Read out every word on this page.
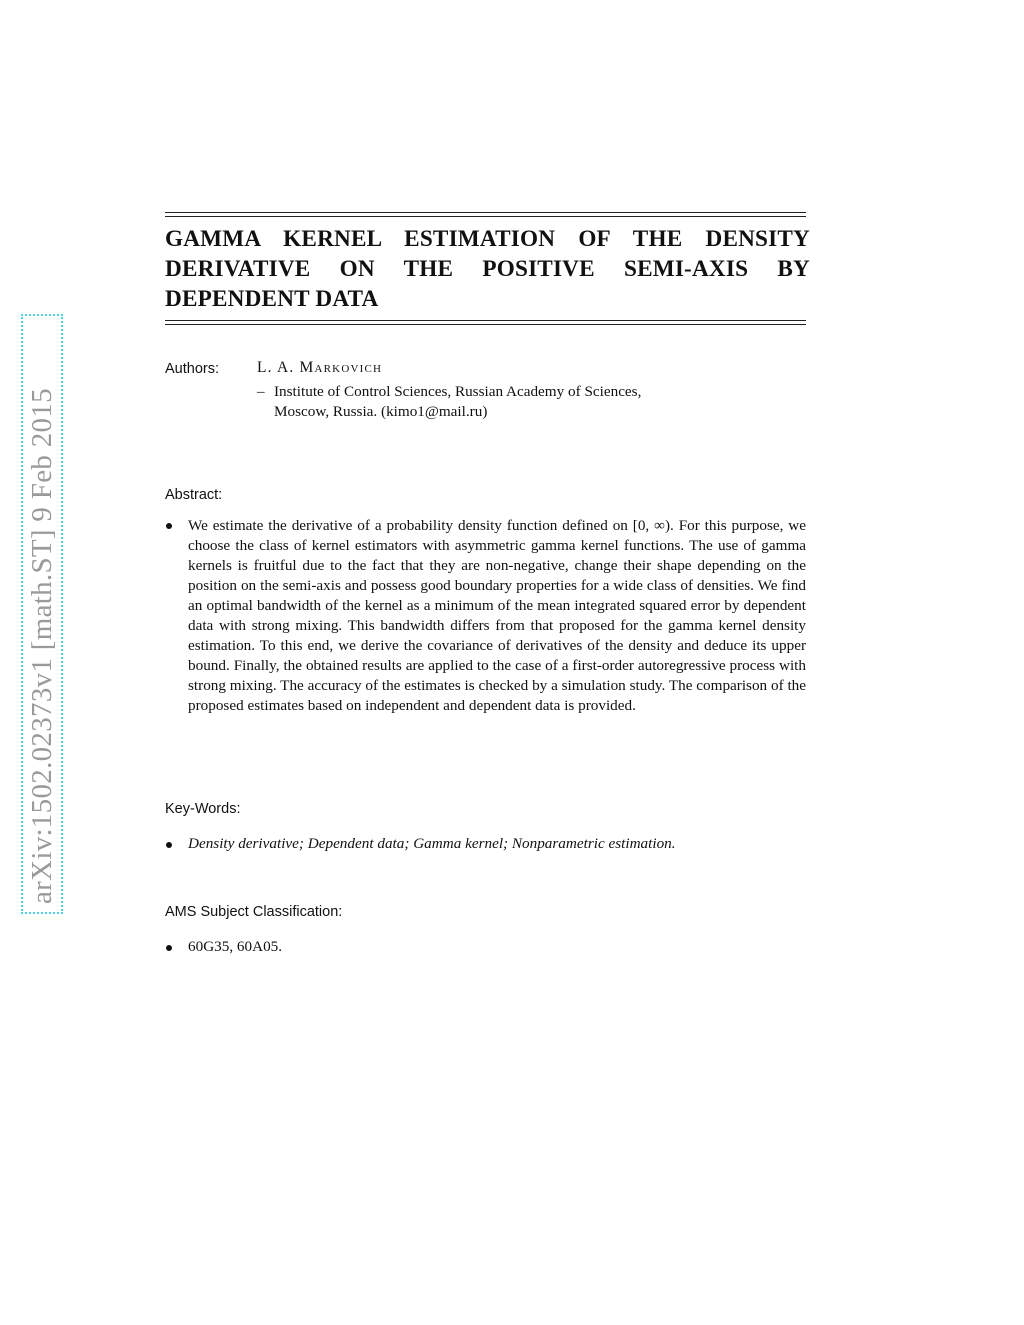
arXiv:1502.02373v1 [math.ST] 9 Feb 2015
GAMMA KERNEL ESTIMATION OF THE DENSITY
DERIVATIVE ON THE POSITIVE SEMI-AXIS BY
DEPENDENT DATA
Authors: L. A. Markovich
– Institute of Control Sciences, Russian Academy of Sciences,
Moscow, Russia. (kimo1@mail.ru)
Abstract:
We estimate the derivative of a probability density function defined on [0, ∞). For this purpose, we choose the class of kernel estimators with asymmetric gamma kernel functions. The use of gamma kernels is fruitful due to the fact that they are non-negative, change their shape depending on the position on the semi-axis and possess good boundary properties for a wide class of densities. We find an optimal bandwidth of the kernel as a minimum of the mean integrated squared error by dependent data with strong mixing. This bandwidth differs from that proposed for the gamma kernel density estimation. To this end, we derive the covariance of derivatives of the density and deduce its upper bound. Finally, the obtained results are applied to the case of a first-order autoregressive process with strong mixing. The accuracy of the estimates is checked by a simulation study. The comparison of the proposed estimates based on independent and dependent data is provided.
Key-Words:
Density derivative; Dependent data; Gamma kernel; Nonparametric estimation.
AMS Subject Classification:
60G35, 60A05.
